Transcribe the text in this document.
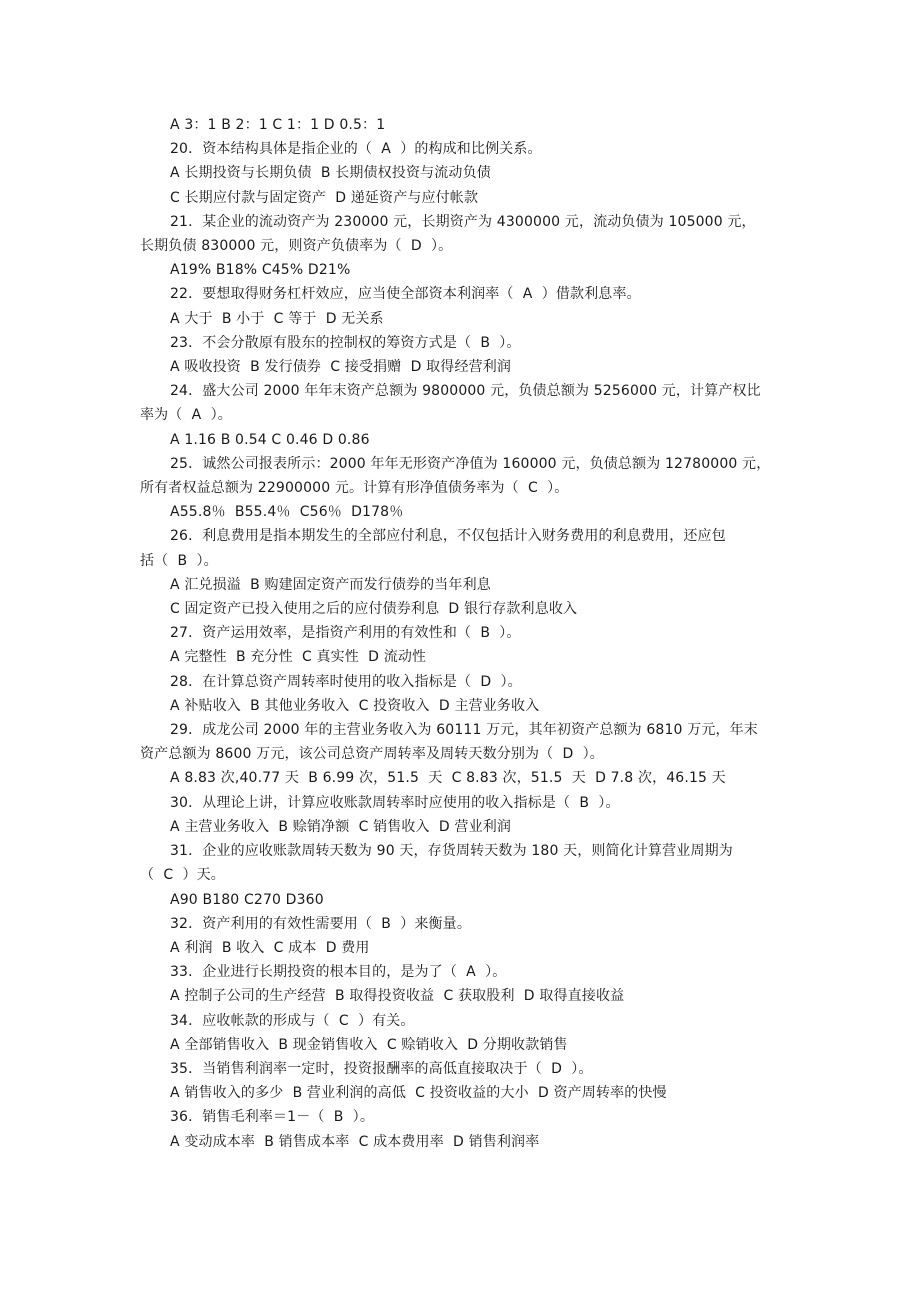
A 3：1 B 2：1 C 1：1 D 0.5：1

20．资本结构具体是指企业的（  A  ）的构成和比例关系。

A 长期投资与长期负债  B 长期债权投资与流动负债

C 长期应付款与固定资产  D 递延资产与应付帐款

21．某企业的流动资产为 230000 元，长期资产为 4300000 元，流动负债为 105000 元，

长期负债 830000 元，则资产负债率为（  D  ）。

A19% B18% C45% D21%

22．要想取得财务杠杆效应，应当使全部资本利润率（  A  ）借款利息率。

A 大于  B 小于  C 等于  D 无关系

23．不会分散原有股东的控制权的筹资方式是（  B  ）。

A 吸收投资  B 发行债券  C 接受捐赠  D 取得经营利润

24．盛大公司 2000 年年末资产总额为 9800000 元，负债总额为 5256000 元，计算产权比

率为（  A  ）。

A 1.16 B 0.54 C 0.46 D 0.86

25．诚然公司报表所示：2000 年年无形资产净值为 160000 元，负债总额为 12780000 元，

所有者权益总额为 22900000 元。计算有形净值债务率为（  C  ）。

A55.8％  B55.4％  C56％  D178％

26．利息费用是指本期发生的全部应付利息，不仅包括计入财务费用的利息费用，还应包

括（  B  ）。

A 汇兑损溢  B 购建固定资产而发行债券的当年利息

C 固定资产已投入使用之后的应付债券利息  D 银行存款利息收入

27．资产运用效率，是指资产利用的有效性和（  B  ）。

A 完整性  B 充分性  C 真实性  D 流动性

28．在计算总资产周转率时使用的收入指标是（  D  ）。

A 补贴收入  B 其他业务收入  C 投资收入  D 主营业务收入

29．成龙公司 2000 年的主营业务收入为 60111 万元，其年初资产总额为 6810 万元，年末

资产总额为 8600 万元，该公司总资产周转率及周转天数分别为（  D  ）。

A 8.83 次,40.77 天  B 6.99 次，51.5  天  C 8.83 次，51.5  天  D 7.8 次，46.15 天

30．从理论上讲，计算应收账款周转率时应使用的收入指标是（  B  ）。

A 主营业务收入  B 赊销净额  C 销售收入  D 营业利润

31．企业的应收账款周转天数为 90 天，存货周转天数为 180 天，则简化计算营业周期为

（  C  ）天。

A90 B180 C270 D360

32．资产利用的有效性需要用（  B  ）来衡量。

A 利润  B 收入  C 成本  D 费用

33．企业进行长期投资的根本目的，是为了（  A  ）。

A 控制子公司的生产经营  B 取得投资收益  C 获取股利  D 取得直接收益

34．应收帐款的形成与（  C  ）有关。

A 全部销售收入  B 现金销售收入  C 赊销收入  D 分期收款销售

35．当销售利润率一定时，投资报酬率的高低直接取决于（  D  ）。

A 销售收入的多少  B 营业利润的高低  C 投资收益的大小  D 资产周转率的快慢

36．销售毛利率＝1－（  B  ）。

A 变动成本率  B 销售成本率  C 成本费用率  D 销售利润率
